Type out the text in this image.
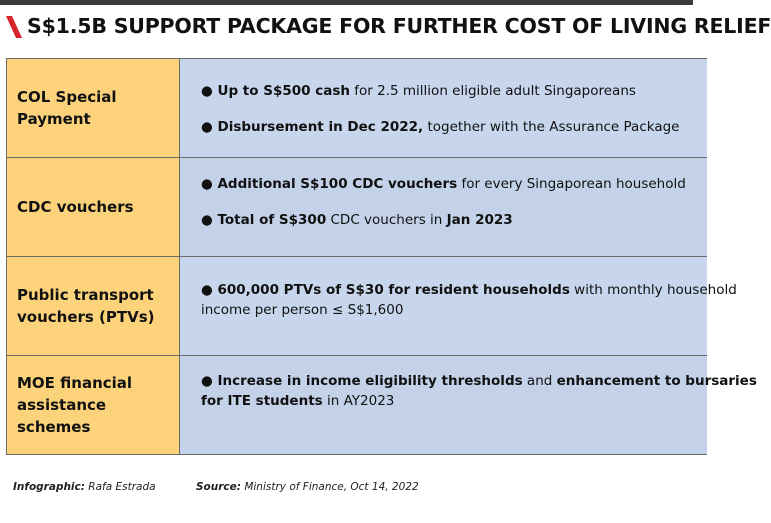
S$1.5B SUPPORT PACKAGE FOR FURTHER COST OF LIVING RELIEF
COL Special Payment
● Up to S$500 cash for 2.5 million eligible adult Singaporeans
● Disbursement in Dec 2022, together with the Assurance Package
CDC vouchers
● Additional S$100 CDC vouchers for every Singaporean household
● Total of S$300 CDC vouchers in Jan 2023
Public transport vouchers (PTVs)
● 600,000 PTVs of S$30 for resident households with monthly household income per person ≤ S$1,600
MOE financial assistance schemes
● Increase in income eligibility thresholds and enhancement to bursaries for ITE students in AY2023
Infographic: Rafa Estrada	Source: Ministry of Finance, Oct 14, 2022
